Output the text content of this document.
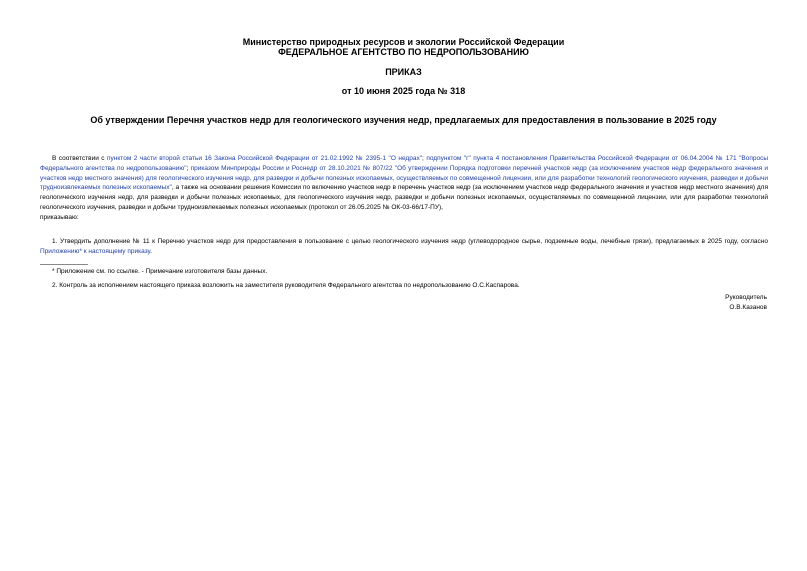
Министерство природных ресурсов и экологии Российской Федерации
ФЕДЕРАЛЬНОЕ АГЕНТСТВО ПО НЕДРОПОЛЬЗОВАНИЮ
ПРИКАЗ
от 10 июня 2025 года № 318
Об утверждении Перечня участков недр для геологического изучения недр, предлагаемых для предоставления в пользование в 2025 году
В соответствии с пунктом 2 части второй статьи 16 Закона Российской Федерации от 21.02.1992 № 2395-1 "О недрах"; подпунктом "г" пункта 4 постановления Правительства Российской Федерации от 06.04.2004 № 171 "Вопросы Федерального агентства по недропользованию"; приказом Минприроды России и Роснедр от 28.10.2021 № 807/22 "Об утверждении Порядка подготовки перечней участков недр (за исключением участков недр федерального значения и участков недр местного значения) для геологического изучения недр, для разведки и добычи полезных ископаемых, осуществляемых по совмещенной лицензии, или для разработки технологий геологического изучения, разведки и добычи трудноизвлекаемых полезных ископаемых", а также на основании решения Комиссии по включению участков недр в перечень участков недр (за исключением участков недр федерального значения и участков недр местного значения) для геологического изучения недр, для разведки и добычи полезных ископаемых, для геологического изучения недр, разведки и добычи полезных ископаемых, осуществляемых по совмещенной лицензии, или для разработки технологий геологического изучения, разведки и добычи трудноизвлекаемых полезных ископаемых (протокол от 26.05.2025 № ОК-03-66/17-ПУ),
приказываю:
1. Утвердить дополнение № 11 к Перечню участков недр для предоставления в пользование с целью геологического изучения недр (углеводородное сырье, подземные воды, лечебные грязи), предлагаемых в 2025 году, согласно Приложению* к настоящему приказу.
* Приложение см. по ссылке. - Примечание изготовителя базы данных.
2. Контроль за исполнением настоящего приказа возложить на заместителя руководителя Федерального агентства по недропользованию О.С.Каспарова.
Руководитель
О.В.Казанов
